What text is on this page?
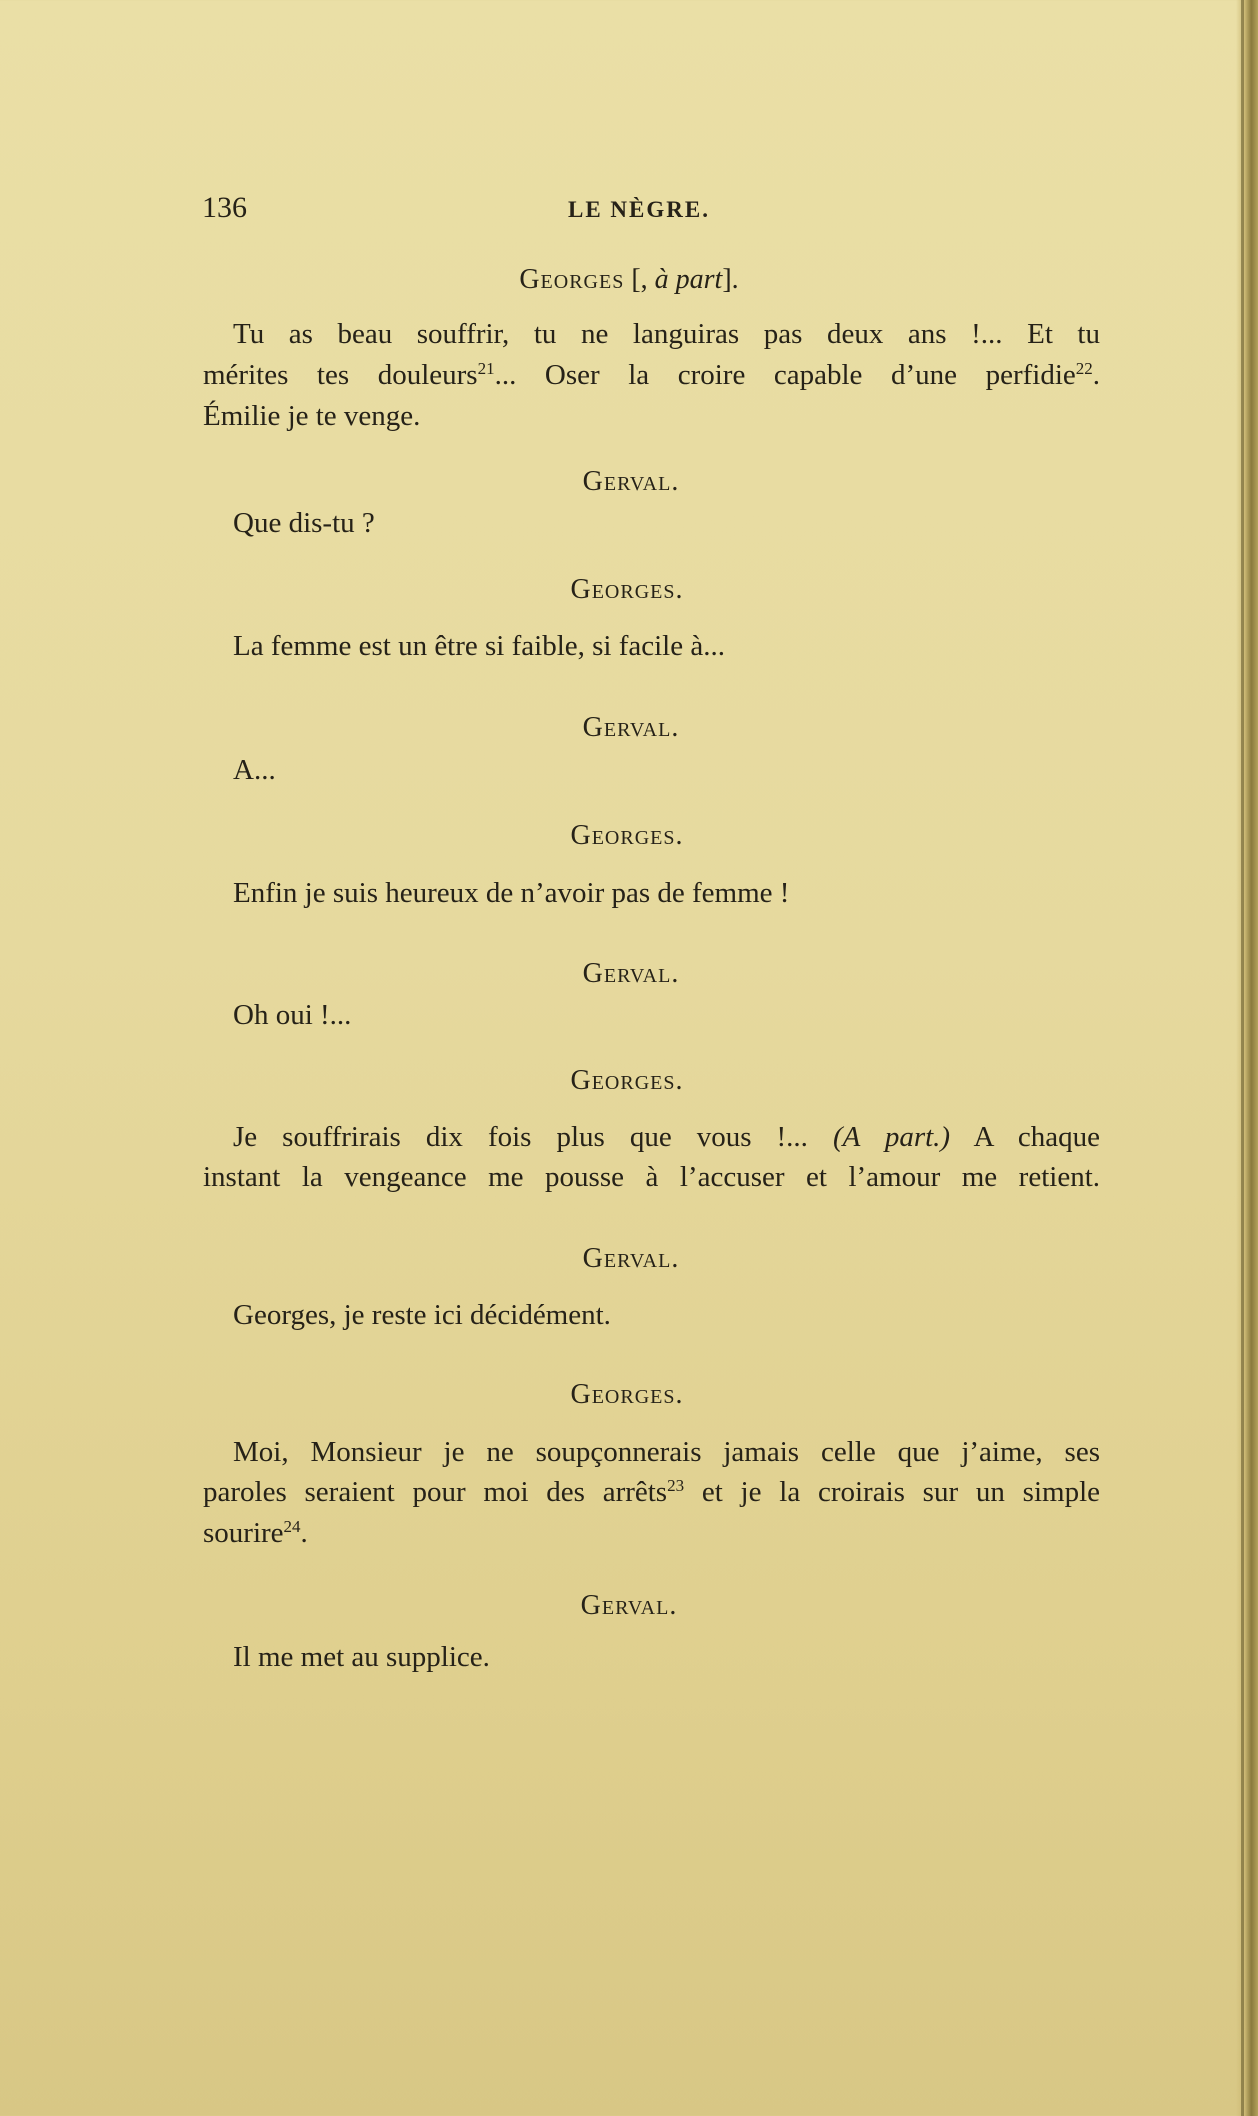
136	LE NÈGRE.
Georges [, à part].
Tu as beau souffrir, tu ne languiras pas deux ans !... Et tu
mérites tes douleurs$^{21}$... Oser la croire capable d’une perfidie$^{22}$.
Émilie je te venge.
Gerval.
Que dis-tu ?
Georges.
La femme est un être si faible, si facile à...
Gerval.
A...
Georges.
Enfin je suis heureux de n’avoir pas de femme !
Gerval.
Oh oui !...
Georges.
Je souffrirais dix fois plus que vous !... (A part.) A chaque
instant la vengeance me pousse à l’accuser et l’amour me retient.
Gerval.
Georges, je reste ici décidément.
Georges.
Moi, Monsieur je ne soupçonnerais jamais celle que j’aime, ses
paroles seraient pour moi des arrêts$^{23}$ et je la croirais sur un simple
sourire$^{24}$.
Gerval.
Il me met au supplice.
